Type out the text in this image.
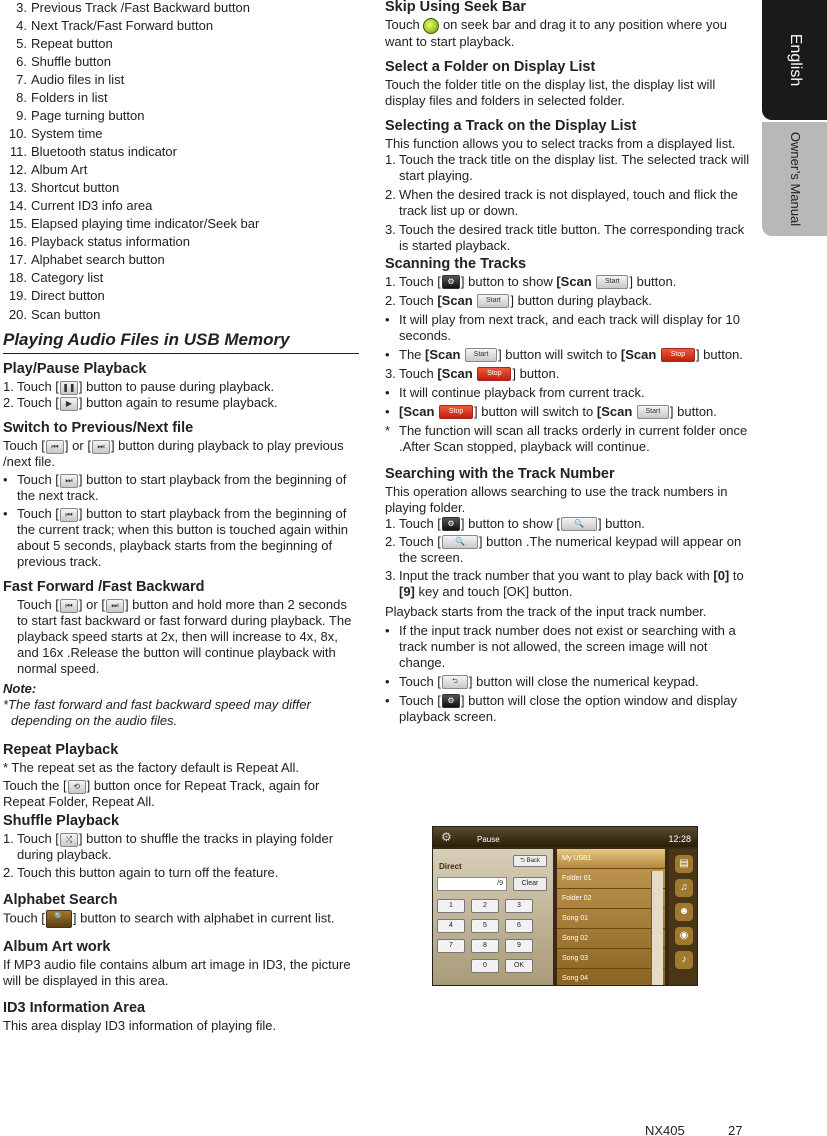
English
Owner’s Manual
3. Previous Track /Fast Backward button
4. Next Track/Fast Forward button
5. Repeat button
6. Shuffle button
7. Audio files in list
8. Folders in list
9. Page turning button
10. System time
11. Bluetooth status indicator
12. Album Art
13. Shortcut button
14. Current ID3 info area
15. Elapsed playing time indicator/Seek bar
16. Playback status information
17. Alphabet search button
18. Category list
19. Direct button
20. Scan button
Playing Audio Files in USB Memory
Play/Pause Playback
1. Touch [ ❚❚ ] button to pause during playback.
2. Touch [ ▶ ] button again to resume playback.
Switch to Previous/Next file

Touch [ ⏮ ] or [ ⏭ ] button during playback to play previous /next file.

• Touch [ ⏭ ] button to start playback from the beginning of the next track.
• Touch [ ⏮ ] button to start playback from the beginning of the current track; when this button is touched again within about 5 seconds, playback starts from the beginning of previous track.
Fast Forward /Fast Backward

Touch [ ⏮ ] or [ ⏭ ] button and hold more than 2 seconds to start fast backward or fast forward during playback. The playback speed starts at 2x, then will increase to 4x, 8x, and 16x .Release the button will continue playback with normal speed.

Note:

*The fast forward and fast backward speed may differ depending on the audio files.

Repeat Playback

* The repeat set as the factory default is Repeat All.

Touch the [ ⟲ ] button once for Repeat Track, again for Repeat Folder, Repeat All.

Shuffle Playback
1. Touch [ ⤮ ] button to shuffle the tracks in playing folder during playback.
2. Touch this button again to turn off the feature.
Alphabet Search

Touch [ 🔍 ] button to search with alphabet in current list.

Album Art work

If MP3 audio file contains album art image in ID3, the picture will be displayed in this area.

ID3 Information Area

This area display ID3 information of playing file.

Skip Using Seek Bar

Touch on seek bar and drag it to any position where you want to start playback.

Select a Folder on Display List

Touch the folder title on the display list, the display list will display files and folders in selected folder.

Selecting a Track on the Display List

This function allows you to select tracks from a displayed list.

1. Touch the track title on the display list. The selected track will start playing.
2. When the desired track is not displayed, touch and flick the track list up or down.
3. Touch the desired track title button. The corresponding track is started playback.
Scanning the Tracks
1. Touch [ ⚙ ] button to show [Scan Start ] button.
2. Touch [Scan Start ] button during playback.
• It will play from next track, and each track will display for 10 seconds.
• The [Scan Start ] button will switch to [Scan Stop ] button.
3. Touch [Scan Stop ] button.
• It will continue playback from current track.
• [Scan Stop ] button will switch to [Scan Start ] button.
* The function will scan all tracks orderly in current folder once .After Scan stopped, playback will continue.
Searching with the Track Number

This operation allows searching to use the track numbers in playing folder.

1. Touch [ ⚙ ] button to show [ 🔍 ] button.
2. Touch [ 🔍 ] button .The numerical keypad will appear on the screen.
3. Input the track number that you want to play back with [0] to [9] key and touch [OK] button.

Playback starts from the track of the input track number.

• If the input track number does not exist or searching with a track number is not allowed, the screen image will not change.
• Touch [ ⮌ ] button will close the numerical keypad.
• Touch [ ⚙ ] button will close the option window and display playback screen.
⚙	Pause	12:28
Direct
⮌ Back
/9	Clear
1	2	3
4	5	6
7	8	9
0	OK
My USB1
Folder 01
Folder 02
Song 01
Song 02
Song 03
Song 04
▤
♫
☻
◉
♪
NX405	27
